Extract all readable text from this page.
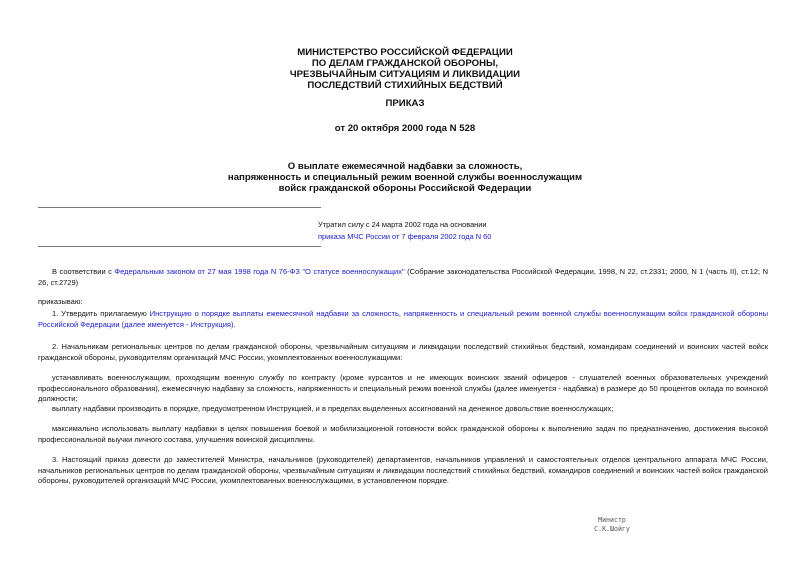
МИНИСТЕРСТВО РОССИЙСКОЙ ФЕДЕРАЦИИ
ПО ДЕЛАМ ГРАЖДАНСКОЙ ОБОРОНЫ,
ЧРЕЗВЫЧАЙНЫМ СИТУАЦИЯМ И ЛИКВИДАЦИИ
ПОСЛЕДСТВИЙ СТИХИЙНЫХ БЕДСТВИЙ
ПРИКАЗ
от 20 октября 2000 года N 528
О выплате ежемесячной надбавки за сложность,
напряженность и специальный режим военной службы военнослужащим
войск гражданской обороны Российской Федерации
Утратил силу с 24 марта 2002 года на основании
приказа МЧС России от 7 февраля 2002 года N 60
В соответствии с Федеральным законом от 27 мая 1998 года N 76-ФЗ "О статусе военнослужащих" (Собрание законодательства Российской Федерации, 1998, N 22, ст.2331; 2000, N 1 (часть II), ст.12; N 26, ст.2729)
приказываю:
1. Утвердить прилагаемую Инструкцию о порядке выплаты ежемесячной надбавки за сложность, напряженность и специальный режим военной службы военнослужащим войск гражданской обороны Российской Федерации (далее именуется - Инструкция).
2. Начальникам региональных центров по делам гражданской обороны, чрезвычайным ситуациям и ликвидации последствий стихийных бедствий, командирам соединений и воинских частей войск гражданской обороны, руководителям организаций МЧС России, укомплектованных военнослужащими:
устанавливать военнослужащим, проходящим военную службу по контракту (кроме курсантов и не имеющих воинских званий офицеров - слушателей военных образовательных учреждений профессионального образования), ежемесячную надбавку за сложность, напряженность и специальный режим военной службы (далее именуется - надбавка) в размере до 50 процентов оклада по воинской должности;
выплату надбавки производить в порядке, предусмотренном Инструкцией, и в пределах выделенных ассигнований на денежное довольствие военнослужащих;
максимально использовать выплату надбавки в целях повышения боевой и мобилизационной готовности войск гражданской обороны к выполнению задач по предназначению, достижения высокой профессиональной выучки личного состава, улучшения воинской дисциплины.
3. Настоящий приказ довести до заместителей Министра, начальников (руководителей) департаментов, начальников управлений и самостоятельных отделов центрального аппарата МЧС России, начальников региональных центров по делам гражданской обороны, чрезвычайным ситуациям и ликвидации последствий стихийных бедствий, командиров соединений и воинских частей войск гражданской обороны, руководителей организаций МЧС России, укомплектованных военнослужащими, в установленном порядке.
Министр
С.К.Шойгу
